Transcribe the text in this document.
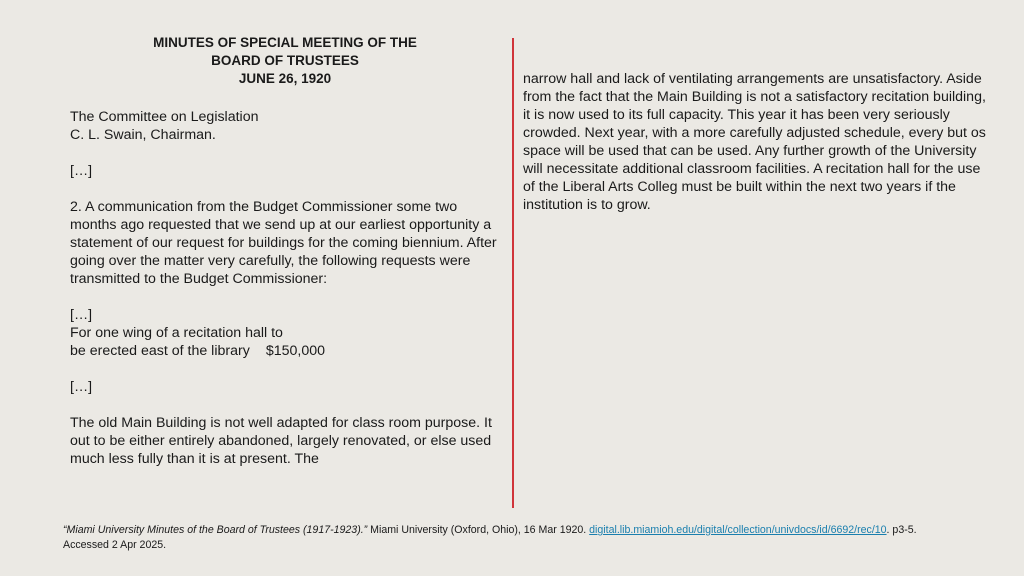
MINUTES OF SPECIAL MEETING OF THE
BOARD OF TRUSTEES
JUNE 26, 1920

The Committee on Legislation

C. L. Swain, Chairman.

[…]

2. A communication from the Budget Commissioner some two months ago requested that we send up at our earliest opportunity a statement of our request for buildings for the coming biennium. After going over the matter very carefully, the following requests were transmitted to the Budget Commissioner:

[…]

For one wing of a recitation hall to

be erected east of the library $150,000

[…]

The old Main Building is not well adapted for class room purpose. It out to be either entirely abandoned, largely renovated, or else used much less fully than it is at present. The

narrow hall and lack of ventilating arrangements are unsatisfactory. Aside from the fact that the Main Building is not a satisfactory recitation building, it is now used to its full capacity. This year it has been very seriously crowded. Next year, with a more carefully adjusted schedule, every but os space will be used that can be used. Any further growth of the University will necessitate additional classroom facilities. A recitation hall for the use of the Liberal Arts Colleg must be built within the next two years if the institution is to grow.

“Miami University Minutes of the Board of Trustees (1917-1923).” Miami University (Oxford, Ohio), 16 Mar 1920. digital.lib.miamioh.edu/digital/collection/univdocs/id/6692/rec/10. p3-5.
Accessed 2 Apr 2025.
